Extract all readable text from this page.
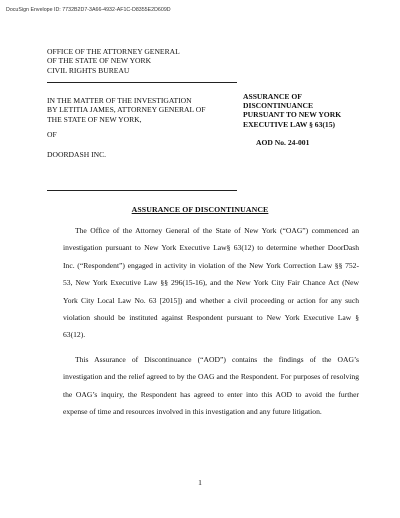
DocuSign Envelope ID: 7732B2D7-3A66-4932-AF1C-D8355E2D609D
OFFICE OF THE ATTORNEY GENERAL
OF THE STATE OF NEW YORK
CIVIL RIGHTS BUREAU
IN THE MATTER OF THE INVESTIGATION
BY LETITIA JAMES, ATTORNEY GENERAL OF
THE STATE OF NEW YORK,
OF
DOORDASH INC.
ASSURANCE OF
DISCONTINUANCE
PURSUANT TO NEW YORK
EXECUTIVE LAW § 63(15)
AOD No. 24-001
ASSURANCE OF DISCONTINUANCE
The Office of the Attorney General of the State of New York (“OAG”) commenced an
investigation pursuant to New York Executive Law§ 63(12) to determine whether DoorDash
Inc. (“Respondent”) engaged in activity in violation of the New York Correction Law §§ 752-
53, New York Executive Law §§ 296(15-16), and the New York City Fair Chance Act (New
York City Local Law No. 63 [2015]) and whether a civil proceeding or action for any such
violation should be instituted against Respondent pursuant to New York Executive Law §
63(12).
This Assurance of Discontinuance (“AOD”) contains the findings of the OAG’s
investigation and the relief agreed to by the OAG and the Respondent. For purposes of resolving
the OAG’s inquiry, the Respondent has agreed to enter into this AOD to avoid the further
expense of time and resources involved in this investigation and any future litigation.
1
